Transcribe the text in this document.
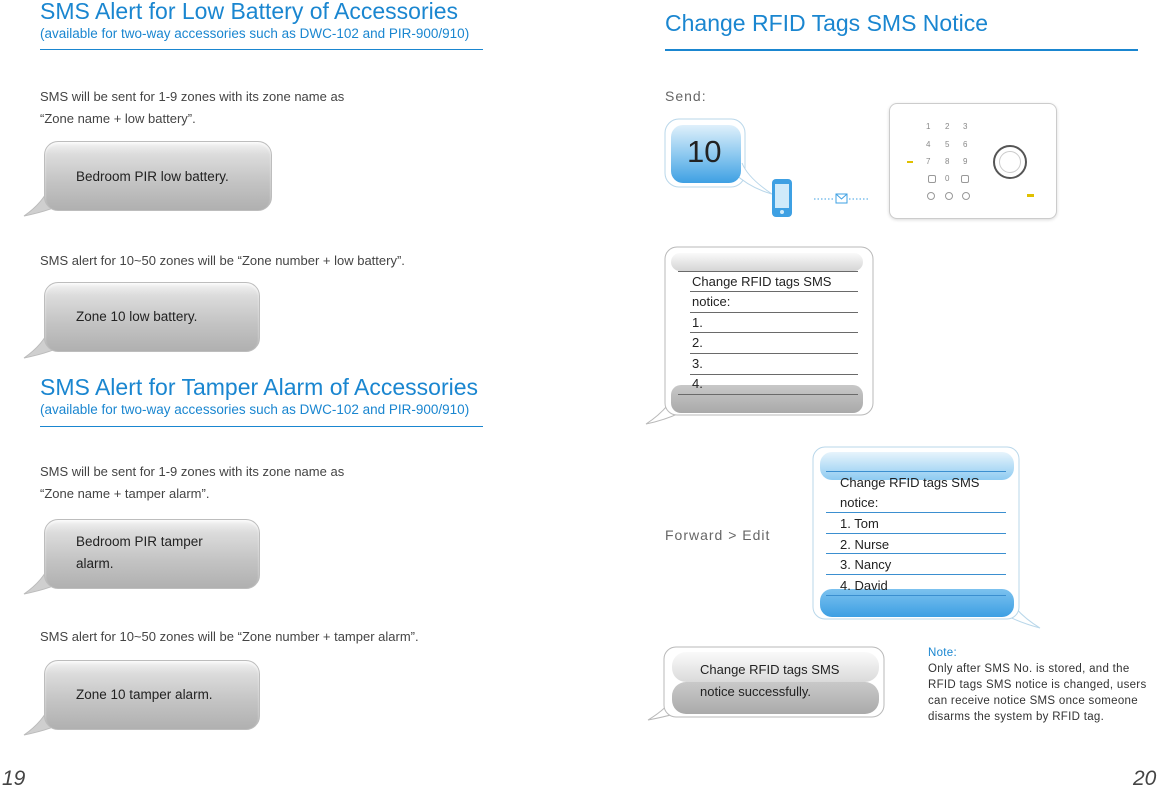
SMS Alert for Low Battery of Accessories
(available for two-way accessories such as DWC-102 and PIR-900/910)
SMS will be sent for 1-9 zones with its zone name as
“Zone name + low battery”.
Bedroom PIR low battery.
SMS alert for 10~50 zones will be “Zone number + low battery”.
Zone 10 low battery.
SMS Alert for Tamper Alarm of Accessories
(available for two-way accessories such as DWC-102 and PIR-900/910)
SMS will be sent for 1-9 zones with its zone name as
“Zone name + tamper alarm”.
Bedroom PIR tamper
alarm.
SMS alert for 10~50 zones will be “Zone number + tamper alarm”.
Zone 10 tamper alarm.
19
Change RFID Tags SMS Notice
Send:
10
1 2 3
4 5 6
7 8 9
0
Change RFID tags SMS
notice:
1.
2.
3.
4.
Forward > Edit
Change RFID tags SMS
notice:
1. Tom
2. Nurse
3. Nancy
4. David
Change RFID tags SMS
notice successfully.
Note:
Only after SMS No. is stored, and the
RFID tags SMS notice is changed, users
can receive notice SMS once someone
disarms the system by RFID tag.
20
